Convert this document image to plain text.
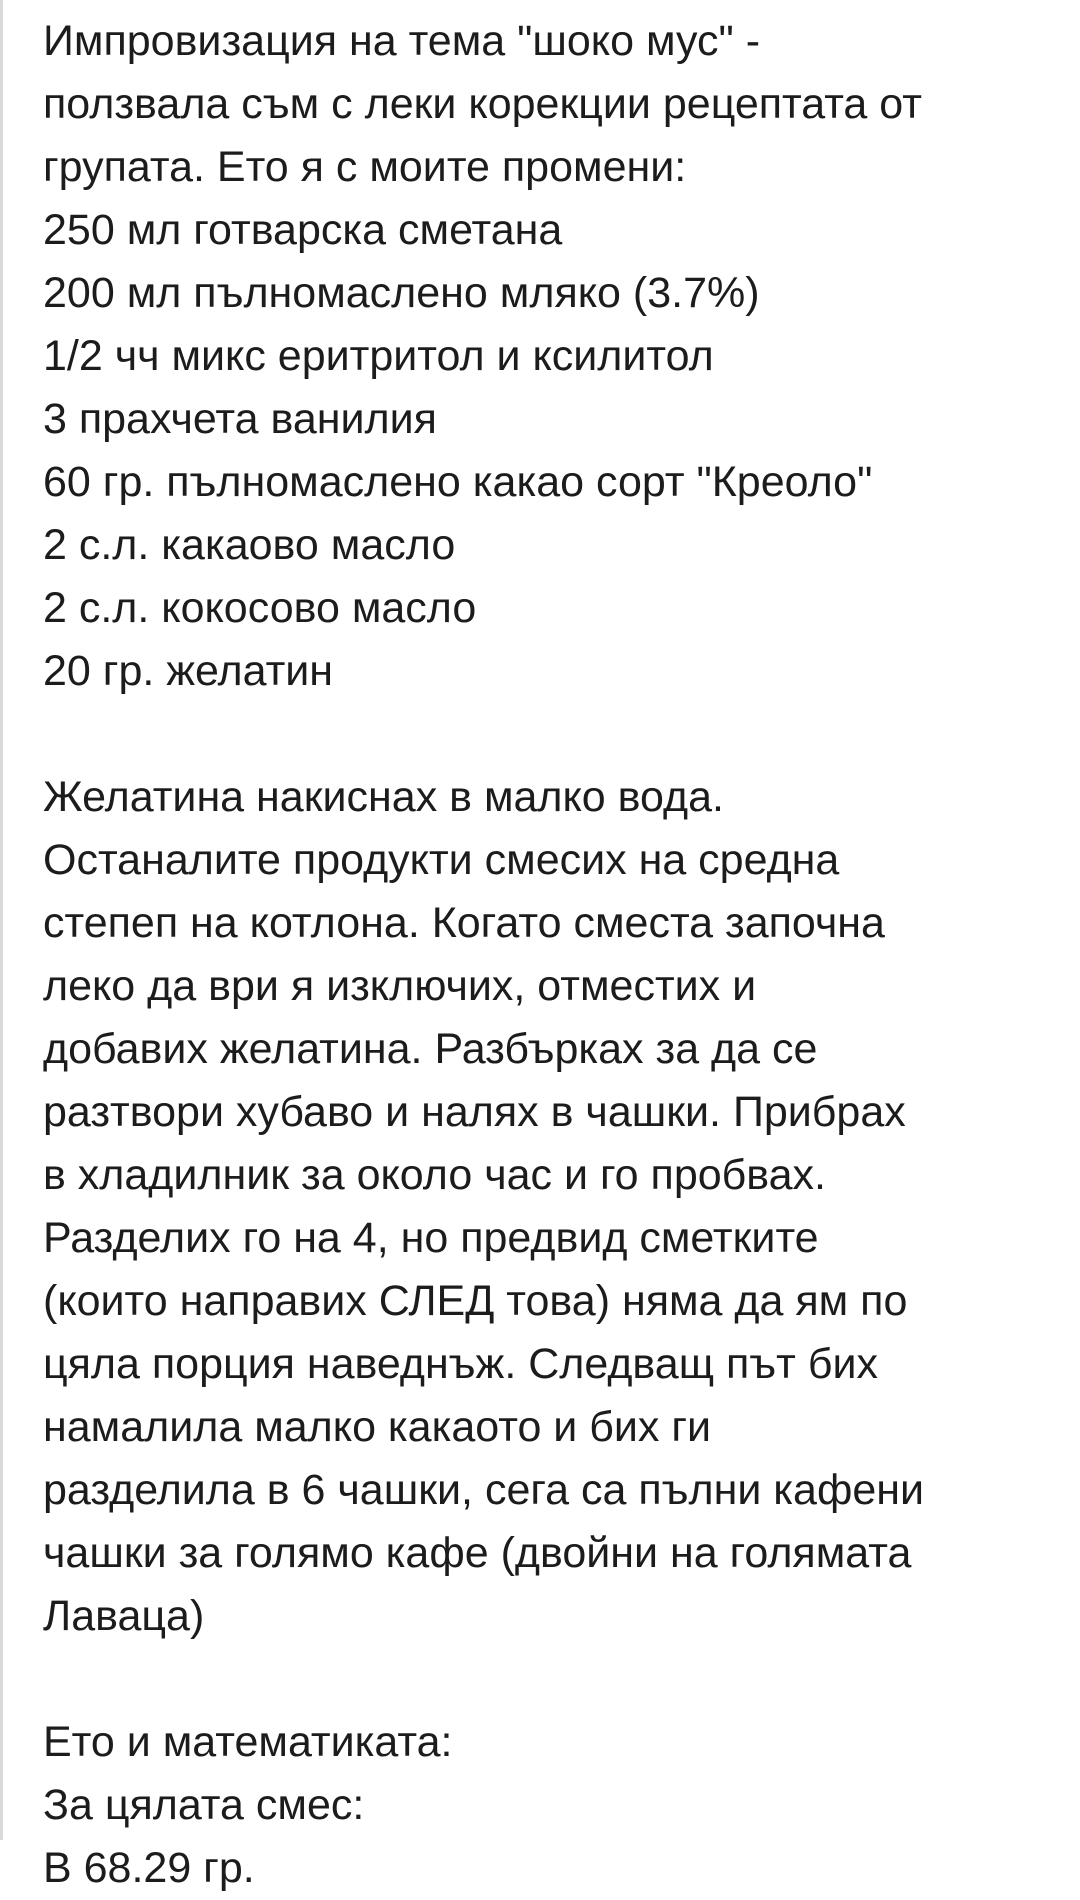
Импровизация на тема "шоко мус" -
ползвала съм с леки корекции рецептата от
групата. Ето я с моите промени:
250 мл готварска сметана
200 мл пълномаслено мляко (3.7%)
1/2 чч микс еритритол и ксилитол
3 прахчета ванилия
60 гр. пълномаслено какао сорт "Креоло"
2 с.л. какаово масло
2 с.л. кокосово масло
20 гр. желатин
Желатина накиснах в малко вода.
Останалите продукти смесих на средна
степеп на котлона. Когато сместа започна
леко да ври я изключих, отместих и
добавих желатина. Разбърках за да се
разтвори хубаво и налях в чашки. Прибрах
в хладилник за около час и го пробвах.
Разделих го на 4, но предвид сметките
(които направих СЛЕД това) няма да ям по
цяла порция наведнъж. Следващ път бих
намалила малко какаото и бих ги
разделила в 6 чашки, сега са пълни кафени
чашки за голямо кафе (двойни на голямата
Лаваца)
Ето и математиката:
За цялата смес:
В 68.29 гр.
